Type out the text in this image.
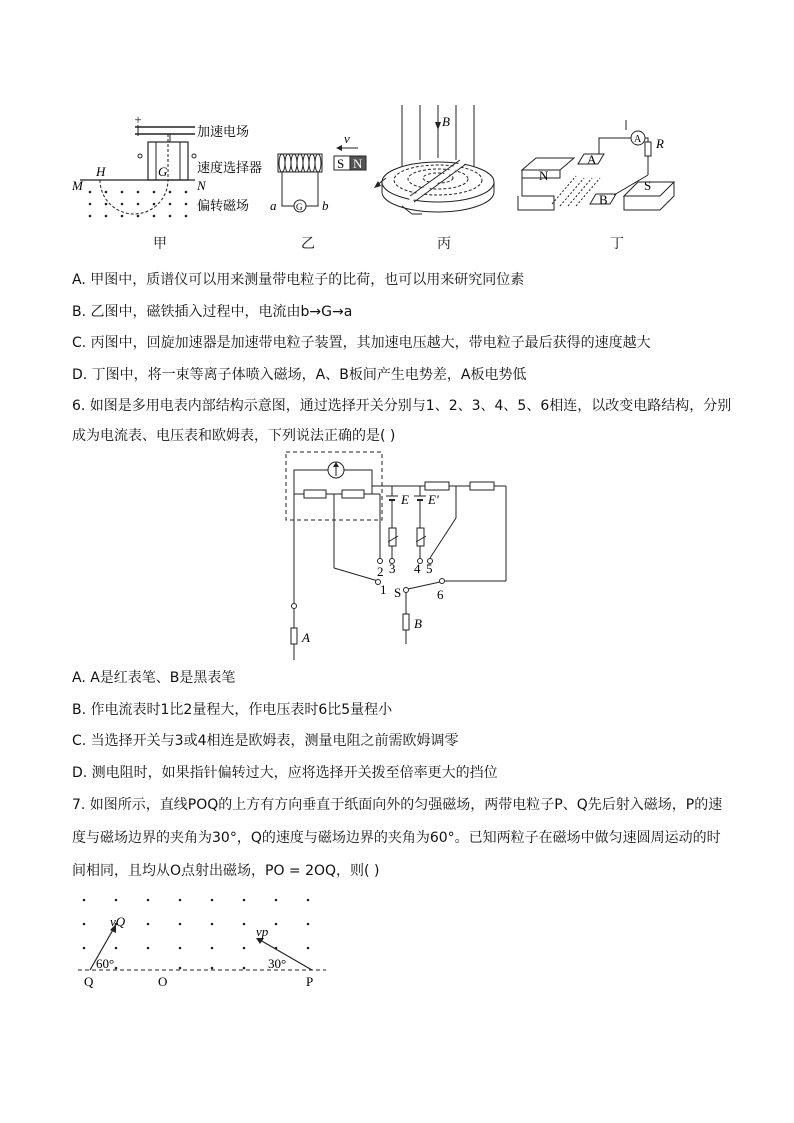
+
加速电场
速度选择器
偏转磁场
M
H	G
N
甲
S N
v
G
a	b
乙
B
丙
A R
A
B
N
S
丁
A. 甲图中，质谱仪可以用来测量带电粒子的比荷，也可以用来研究同位素
B. 乙图中，磁铁插入过程中，电流由b→G→a
C. 丙图中，回旋加速器是加速带电粒子装置，其加速电压越大，带电粒子最后获得的速度越大
D. 丁图中，将一束等离子体喷入磁场，A、B板间产生电势差，A板电势低
6. 如图是多用电表内部结构示意图，通过选择开关分别与1、2、3、4、5、6相连，以改变电路结构，分别
成为电流表、电压表和欧姆表，下列说法正确的是( )
A
E E′
2 3 4 5
1	6
S
B
A. A是红表笔、B是黑表笔
B. 作电流表时1比2量程大，作电压表时6比5量程小
C. 当选择开关与3或4相连是欧姆表，测量电阻之前需欧姆调零
D. 测电阻时，如果指针偏转过大，应将选择开关拨至倍率更大的挡位
7. 如图所示，直线POQ的上方有方向垂直于纸面向外的匀强磁场，两带电粒子P、Q先后射入磁场，P的速
度与磁场边界的夹角为30°，Q的速度与磁场边界的夹角为60°。已知两粒子在磁场中做匀速圆周运动的时
间相同，且均从O点射出磁场，PO = 2OQ，则( )
vQ
60°
vp
30°
Q	O	P
